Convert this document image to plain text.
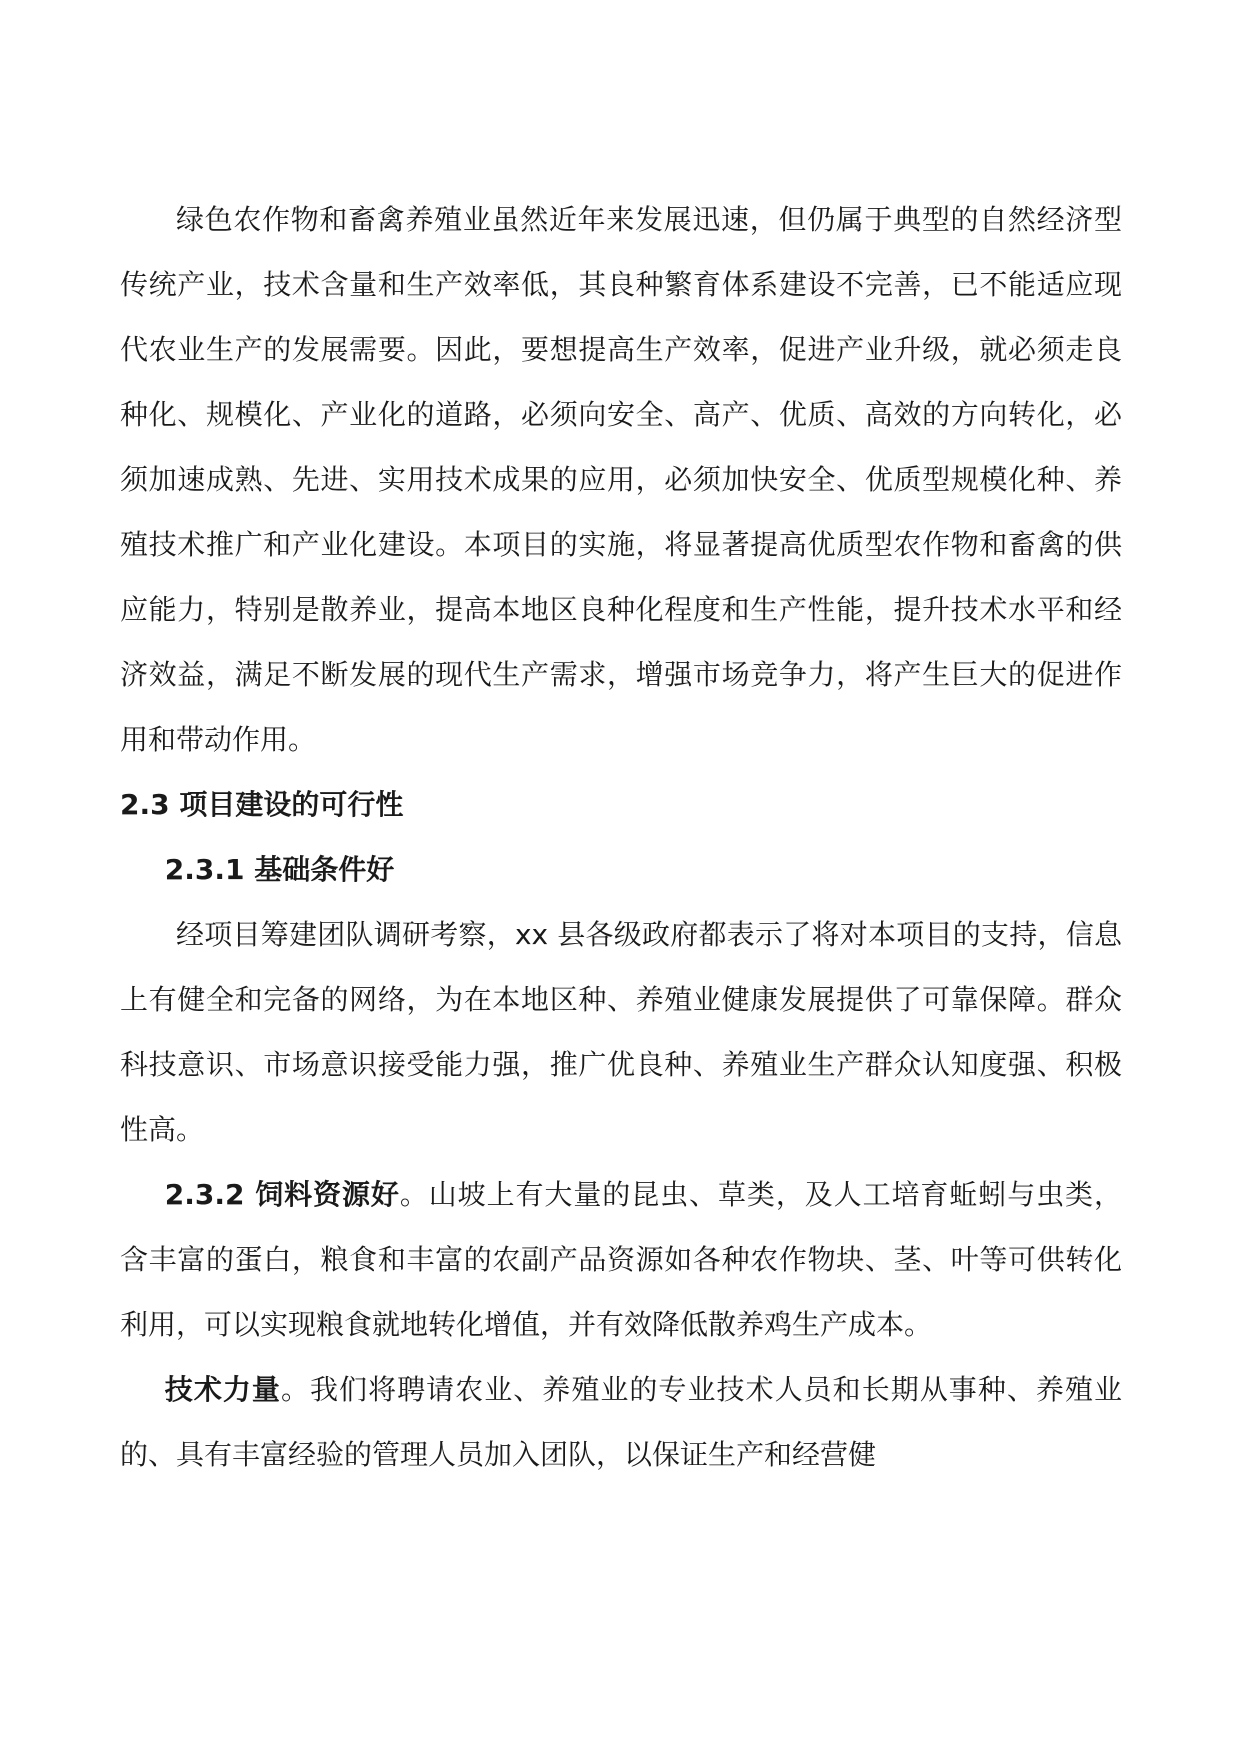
绿色农作物和畜禽养殖业虽然近年来发展迅速，但仍属于典型的自然经济型传统产业，技术含量和生产效率低，其良种繁育体系建设不完善，已不能适应现代农业生产的发展需要。因此，要想提高生产效率，促进产业升级，就必须走良种化、规模化、产业化的道路，必须向安全、高产、优质、高效的方向转化，必须加速成熟、先进、实用技术成果的应用，必须加快安全、优质型规模化种、养殖技术推广和产业化建设。本项目的实施，将显著提高优质型农作物和畜禽的供应能力，特别是散养业，提高本地区良种化程度和生产性能，提升技术水平和经济效益，满足不断发展的现代生产需求，增强市场竞争力，将产生巨大的促进作用和带动作用。

2.3 项目建设的可行性

2.3.1 基础条件好

经项目筹建团队调研考察，xx 县各级政府都表示了将对本项目的支持，信息上有健全和完备的网络，为在本地区种、养殖业健康发展提供了可靠保障。群众科技意识、市场意识接受能力强，推广优良种、养殖业生产群众认知度强、积极性高。

2.3.2 饲料资源好。山坡上有大量的昆虫、草类，及人工培育蚯蚓与虫类，含丰富的蛋白，粮食和丰富的农副产品资源如各种农作物块、茎、叶等可供转化利用，可以实现粮食就地转化增值，并有效降低散养鸡生产成本。

技术力量。我们将聘请农业、养殖业的专业技术人员和长期从事种、养殖业的、具有丰富经验的管理人员加入团队，以保证生产和经营健
